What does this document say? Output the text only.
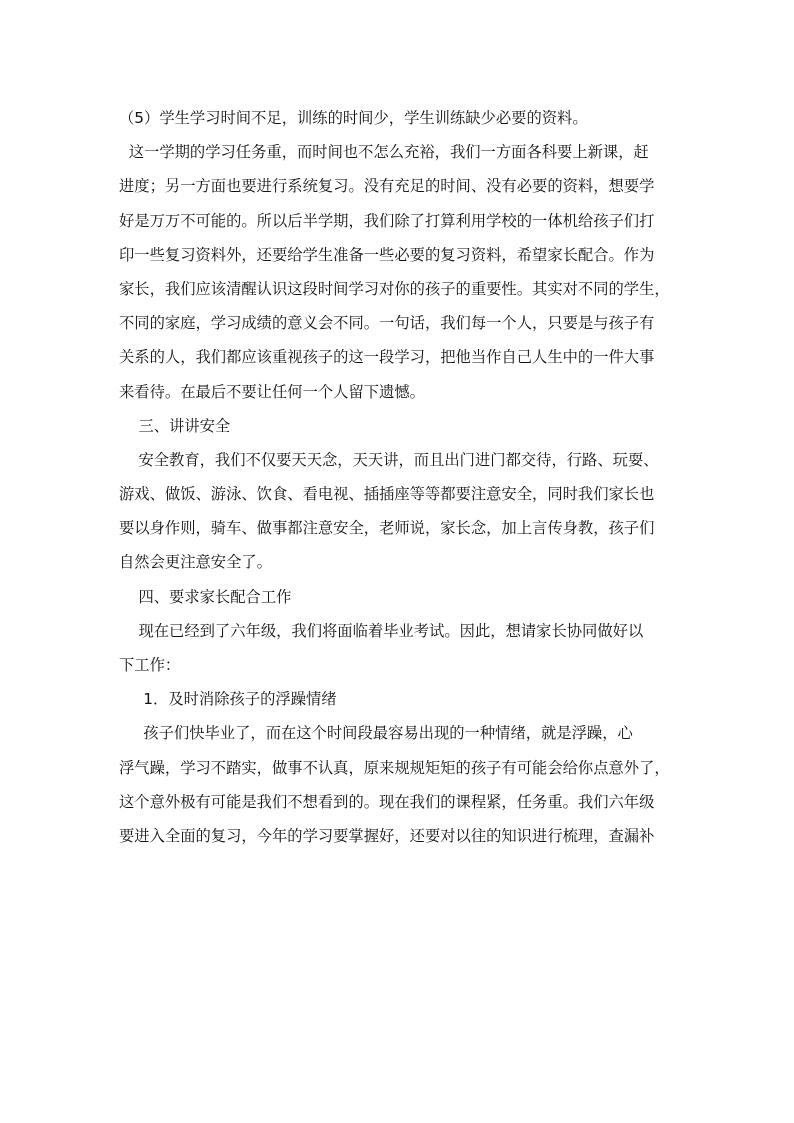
（5）学生学习时间不足，训练的时间少，学生训练缺少必要的资料。
这一学期的学习任务重，而时间也不怎么充裕，我们一方面各科要上新课，赶
进度；另一方面也要进行系统复习。没有充足的时间、没有必要的资料，想要学
好是万万不可能的。所以后半学期，我们除了打算利用学校的一体机给孩子们打
印一些复习资料外，还要给学生准备一些必要的复习资料，希望家长配合。作为
家长，我们应该清醒认识这段时间学习对你的孩子的重要性。其实对不同的学生，
不同的家庭，学习成绩的意义会不同。一句话，我们每一个人，只要是与孩子有
关系的人，我们都应该重视孩子的这一段学习，把他当作自己人生中的一件大事
来看待。在最后不要让任何一个人留下遗憾。
三、讲讲安全
安全教育，我们不仅要天天念，天天讲，而且出门进门都交待，行路、玩耍、
游戏、做饭、游泳、饮食、看电视、插插座等等都要注意安全，同时我们家长也
要以身作则，骑车、做事都注意安全，老师说，家长念，加上言传身教，孩子们
自然会更注意安全了。
四、要求家长配合工作
现在已经到了六年级，我们将面临着毕业考试。因此，想请家长协同做好以
下工作：
1．及时消除孩子的浮躁情绪
孩子们快毕业了，而在这个时间段最容易出现的一种情绪，就是浮躁，心
浮气躁，学习不踏实，做事不认真，原来规规矩矩的孩子有可能会给你点意外了，
这个意外极有可能是我们不想看到的。现在我们的课程紧，任务重。我们六年级
要进入全面的复习，今年的学习要掌握好，还要对以往的知识进行梳理，查漏补
